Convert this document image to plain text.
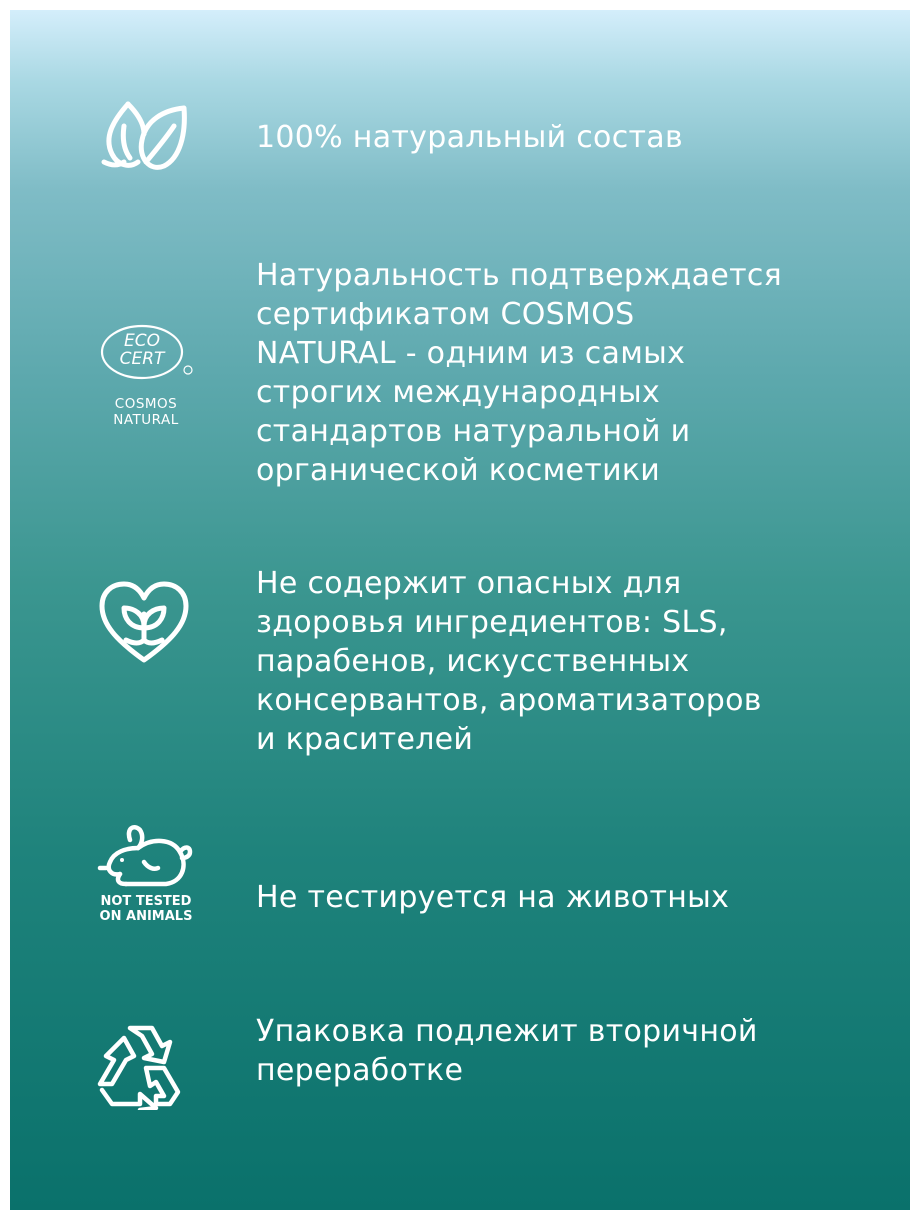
100% натуральный состав
ECO
CERT
COSMOS
NATURAL
Натуральность подтверждается
сертификатом COSMOS
NATURAL - одним из самых
строгих международных
стандартов натуральной и
органической косметики
Не содержит опасных для
здоровья ингредиентов: SLS,
парабенов, искусственных
консервантов, ароматизаторов
и красителей
NOT TESTED
ON ANIMALS
Не тестируется на животных
Упаковка подлежит вторичной
переработке
